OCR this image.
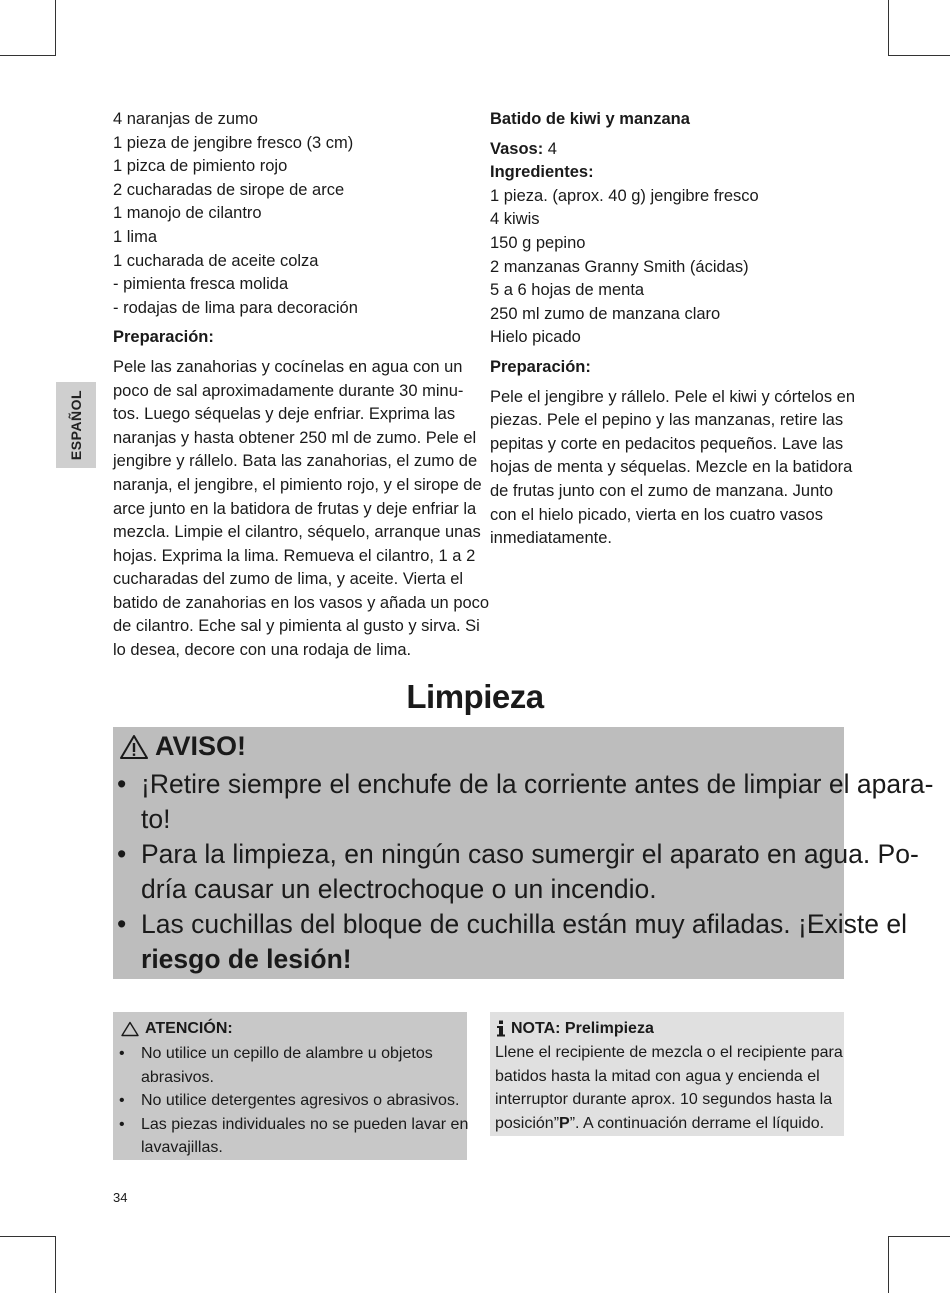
ESPAÑOL
4 naranjas de zumo
1 pieza de jengibre fresco (3 cm)
1 pizca de pimiento rojo
2 cucharadas de sirope de arce
1 manojo de cilantro
1 lima
1 cucharada de aceite colza
- pimienta fresca molida
- rodajas de lima para decoración
Preparación:
Pele las zanahorias y cocínelas en agua con un
poco de sal aproximadamente durante 30 minu-
tos. Luego séquelas y deje enfriar. Exprima las
naranjas y hasta obtener 250 ml de zumo. Pele el
jengibre y rállelo. Bata las zanahorias, el zumo de
naranja, el jengibre, el pimiento rojo, y el sirope de
arce junto en la batidora de frutas y deje enfriar la
mezcla. Limpie el cilantro, séquelo, arranque unas
hojas. Exprima la lima. Remueva el cilantro, 1 a 2
cucharadas del zumo de lima, y aceite. Vierta el
batido de zanahorias en los vasos y añada un poco
de cilantro. Eche sal y pimienta al gusto y sirva. Si
lo desea, decore con una rodaja de lima.
Batido de kiwi y manzana
Vasos: 4
Ingredientes:
1 pieza. (aprox. 40 g) jengibre fresco
4 kiwis
150 g pepino
2 manzanas Granny Smith (ácidas)
5 a 6 hojas de menta
250 ml zumo de manzana claro
Hielo picado
Preparación:
Pele el jengibre y rállelo. Pele el kiwi y córtelos en
piezas. Pele el pepino y las manzanas, retire las
pepitas y corte en pedacitos pequeños. Lave las
hojas de menta y séquelas. Mezcle en la batidora
de frutas junto con el zumo de manzana. Junto
con el hielo picado, vierta en los cuatro vasos
inmediatamente.
Limpieza
AVISO!
• ¡Retire siempre el enchufe de la corriente antes de limpiar el apara-
to!
• Para la limpieza, en ningún caso sumergir el aparato en agua. Po-
dría causar un electrochoque o un incendio.
• Las cuchillas del bloque de cuchilla están muy afiladas. ¡Existe el
riesgo de lesión!
ATENCIÓN:
• No utilice un cepillo de alambre u objetos
abrasivos.
• No utilice detergentes agresivos o abrasivos.
• Las piezas individuales no se pueden lavar en
lavavajillas.
NOTA: Prelimpieza
Llene el recipiente de mezcla o el recipiente para
batidos hasta la mitad con agua y encienda el
interruptor durante aprox. 10 segundos hasta la
posición”P”. A continuación derrame el líquido.
34
